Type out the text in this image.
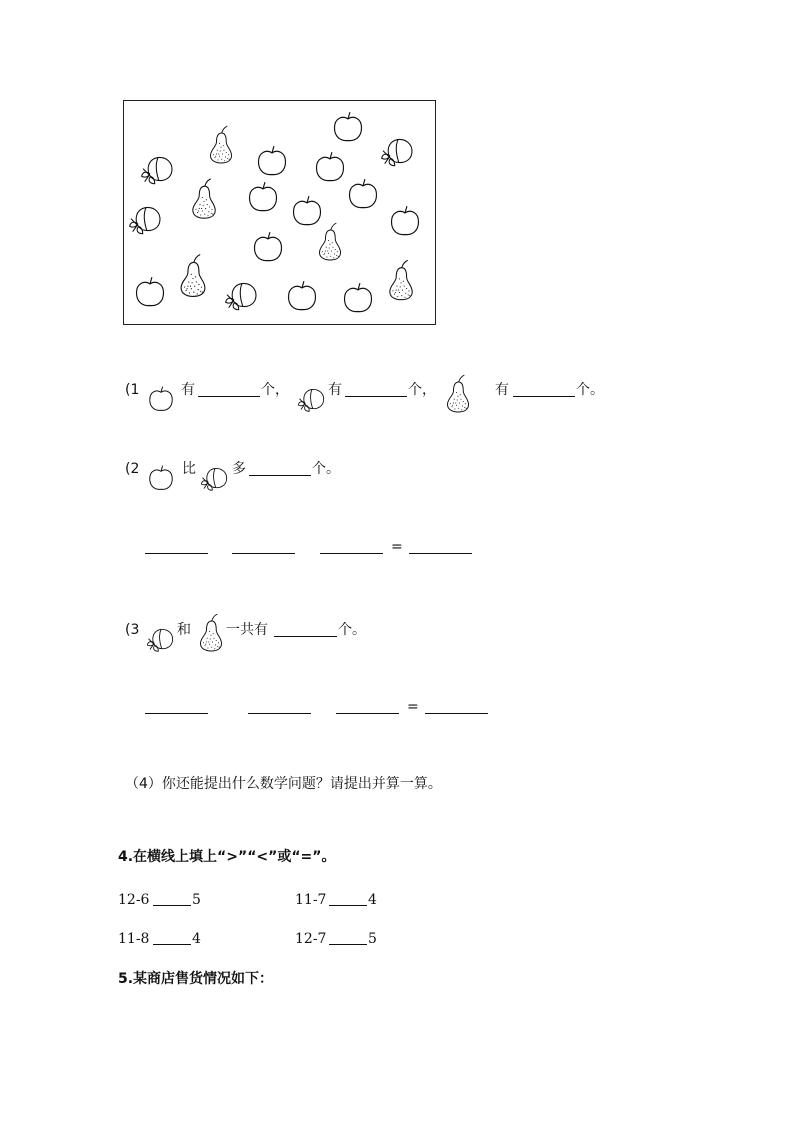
(1	有	个，	有	个，	有	个。
(2	比	多	个。
=
(3	和	一共有	个。
=
（4）你还能提出什么数学问题？请提出并算一算。
4.在横线上填上“>”“<”或“=”。
12-6	5	11-7	4
11-8	4	12-7	5
5.某商店售货情况如下：
